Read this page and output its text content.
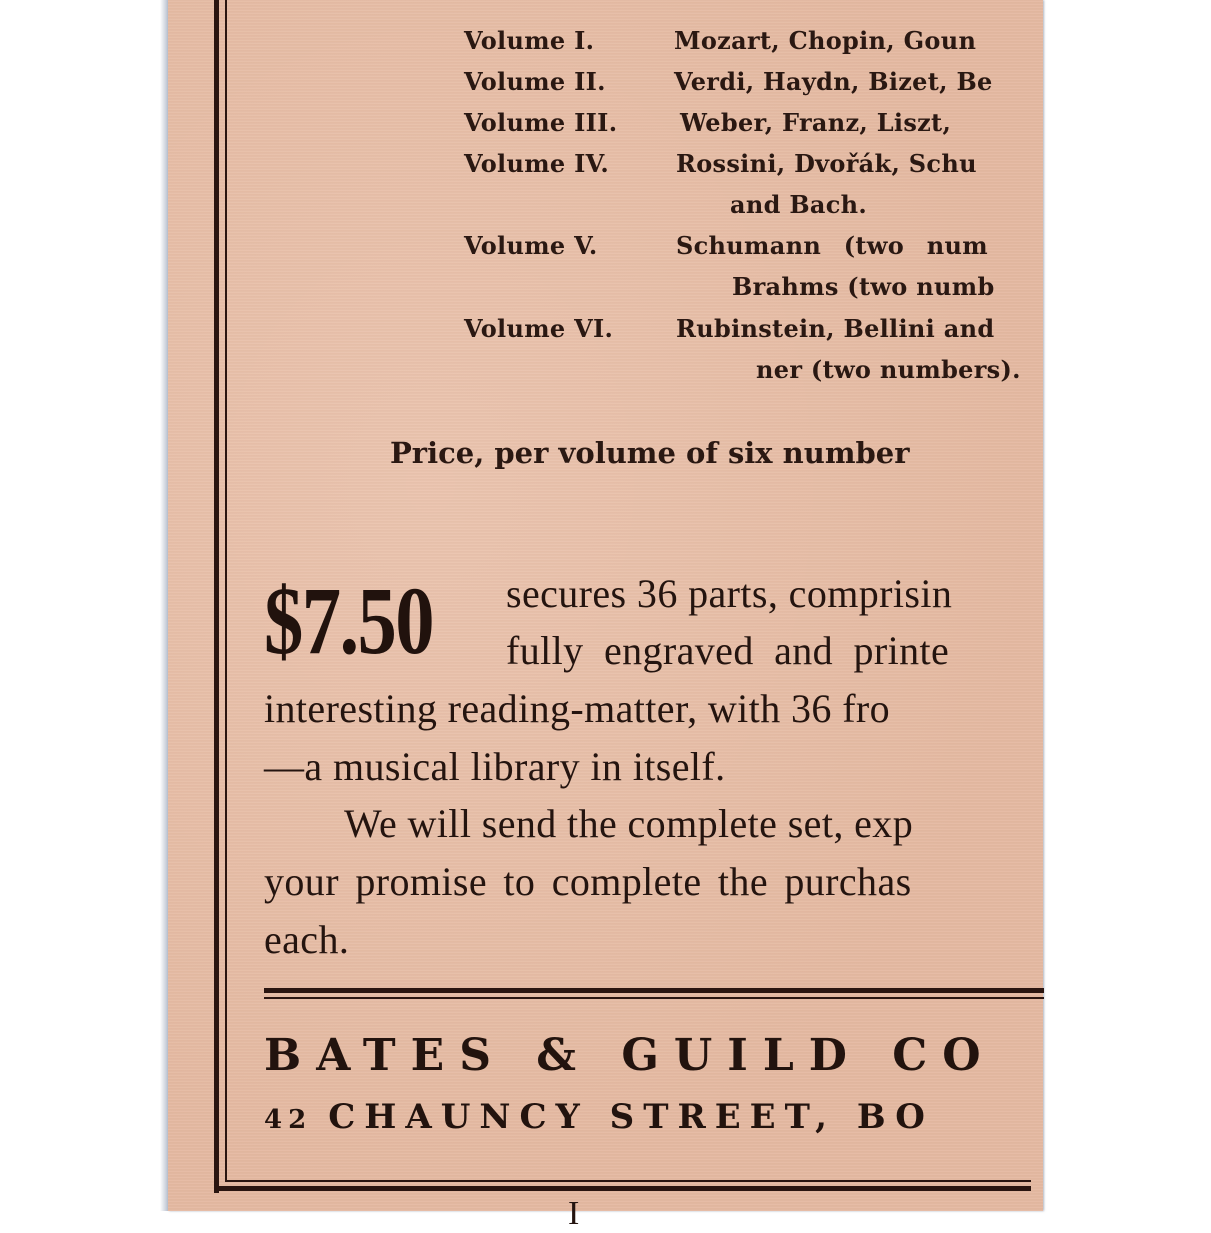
Volume I.	Mozart, Chopin, Goun
Volume II.	Verdi, Haydn, Bizet, Be
Volume III.	Weber, Franz, Liszt,
Volume IV.	Rossini, Dvořák, Schu
and Bach.
Volume V.	Schumann (two num
Brahms (two numb
Volume VI.	Rubinstein, Bellini and
ner (two numbers).
Price, per volume of six number
$7.50 secures 36 parts, comprisin
fully engraved and printe
interesting reading-matter, with 36 fro
—a musical library in itself.
We will send the complete set, exp
your promise to complete the purchas
each.
BATES & GUILD CO
42 CHAUNCY STREET, BO
I
